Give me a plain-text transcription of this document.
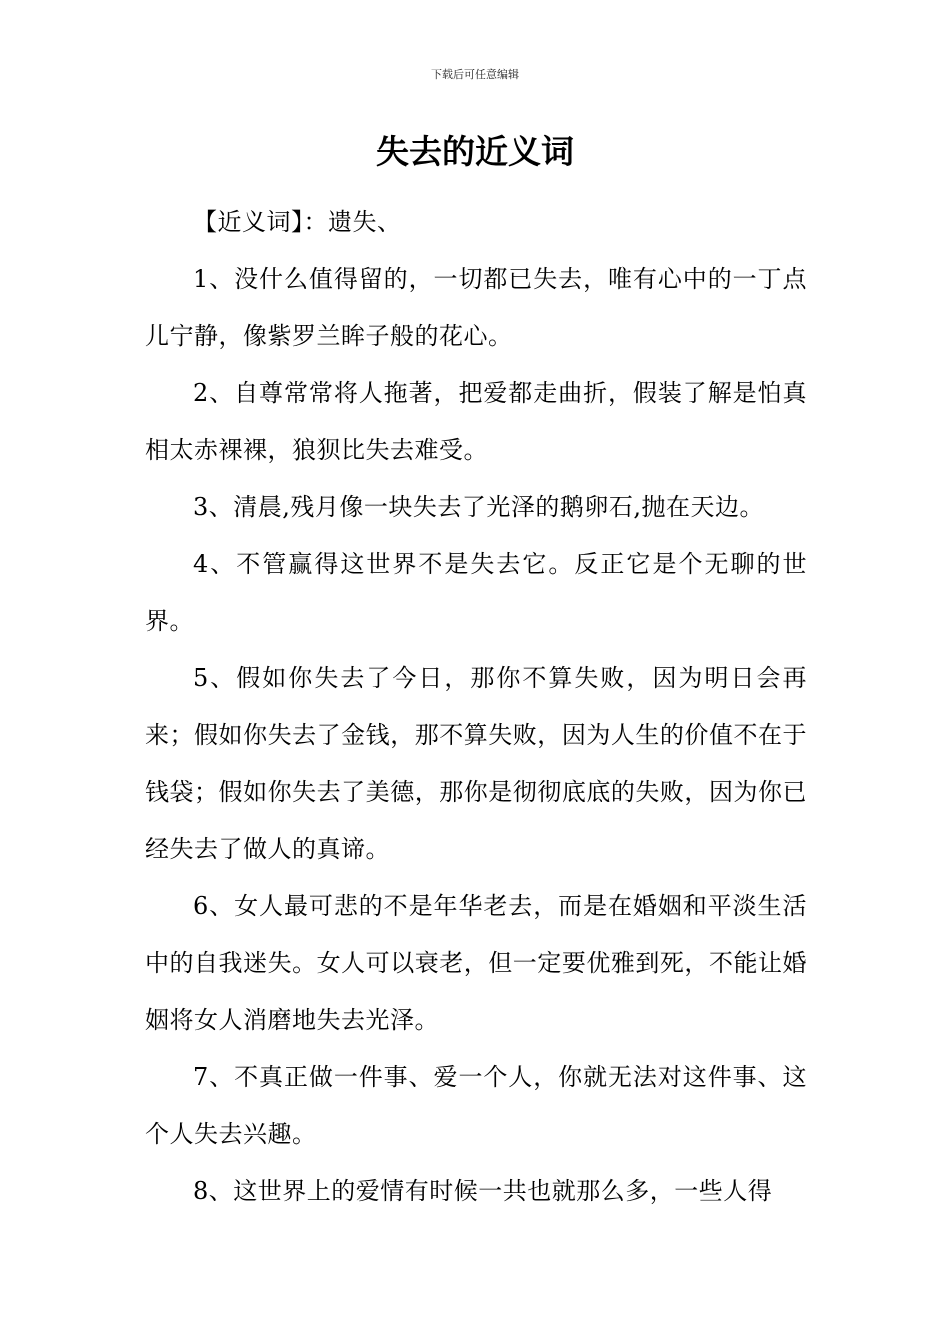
下载后可任意编辑
失去的近义词

【近义词】：遗失、

1、没什么值得留的，一切都已失去，唯有心中的一丁点儿宁静，像紫罗兰眸子般的花心。

2、自尊常常将人拖著，把爱都走曲折，假装了解是怕真相太赤裸裸，狼狈比失去难受。

3、清晨,残月像一块失去了光泽的鹅卵石,抛在天边。

4、不管赢得这世界不是失去它。反正它是个无聊的世界。

5、假如你失去了今日，那你不算失败，因为明日会再来；假如你失去了金钱，那不算失败，因为人生的价值不在于钱袋；假如你失去了美德，那你是彻彻底底的失败，因为你已经失去了做人的真谛。

6、女人最可悲的不是年华老去，而是在婚姻和平淡生活中的自我迷失。女人可以衰老，但一定要优雅到死，不能让婚姻将女人消磨地失去光泽。

7、不真正做一件事、爱一个人，你就无法对这件事、这个人失去兴趣。

8、这世界上的爱情有时候一共也就那么多，一些人得
